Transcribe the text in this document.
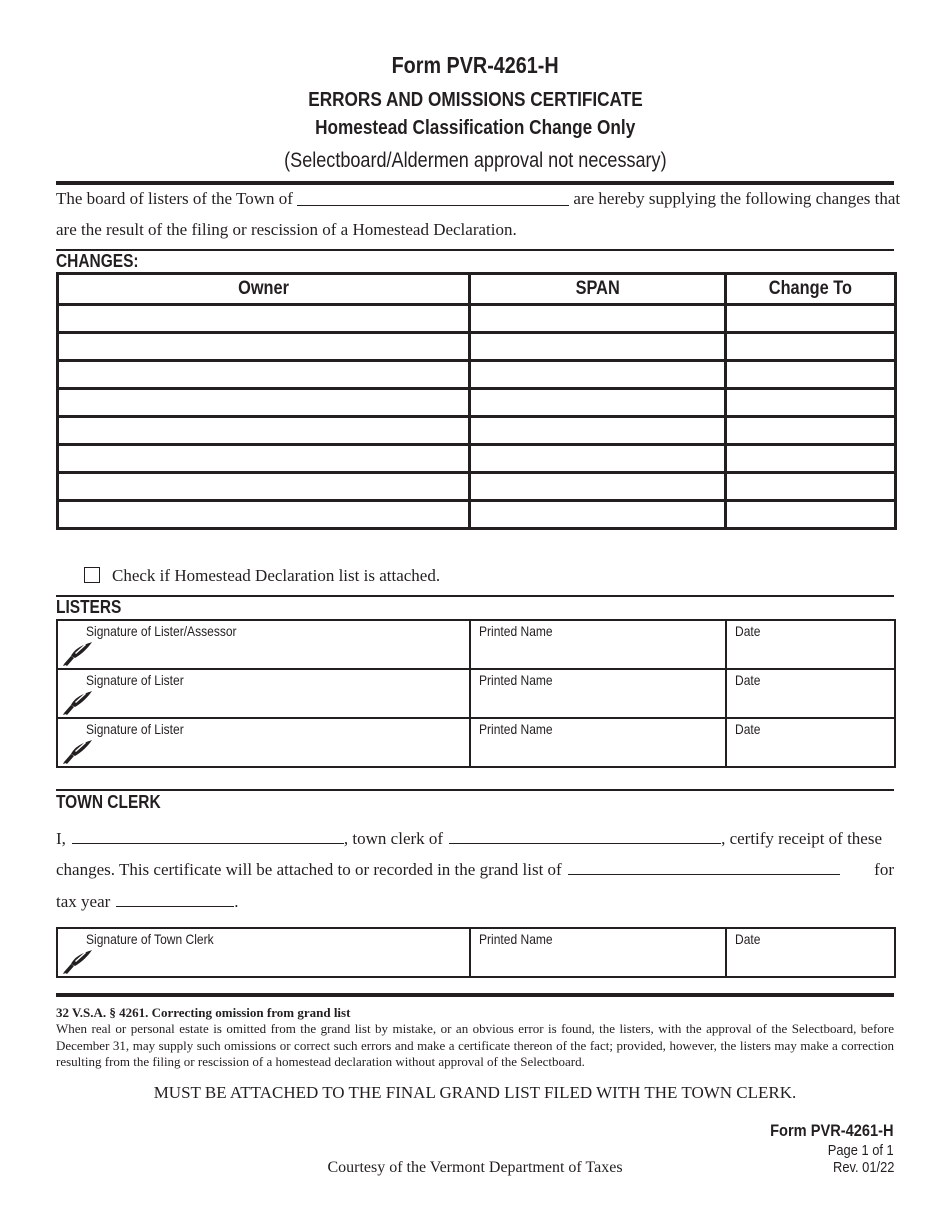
Form PVR-4261-H
ERRORS AND OMISSIONS CERTIFICATE
Homestead Classification Change Only
(Selectboard/Aldermen approval not necessary)
The board of listers of the Town of	are hereby supplying the following changes that
are the result of the filing or rescission of a Homestead Declaration.
CHANGES:
Owner	SPAN	Change To

Check if Homestead Declaration list is attached.
LISTERS
Signature of Lister/Assessor	Printed Name	Date

Signature of Lister	Printed Name	Date

Signature of Lister	Printed Name	Date
TOWN CLERK
I,	, town clerk of	, certify receipt of these
changes. This certificate will be attached to or recorded in the grand list of	for
tax year	.
Signature of Town Clerk	Printed Name	Date
32 V.S.A. § 4261. Correcting omission from grand list
When real or personal estate is omitted from the grand list by mistake, or an obvious error is found, the listers, with the approval of the Selectboard, before December 31, may supply such omissions or correct such errors and make a certificate thereon of the fact; provided, however, the listers may make a correction resulting from the filing or rescission of a homestead declaration without approval of the Selectboard.
MUST BE ATTACHED TO THE FINAL GRAND LIST FILED WITH THE TOWN CLERK.
Courtesy of the Vermont Department of Taxes
Form PVR-4261-H
Page 1 of 1
Rev. 01/22
